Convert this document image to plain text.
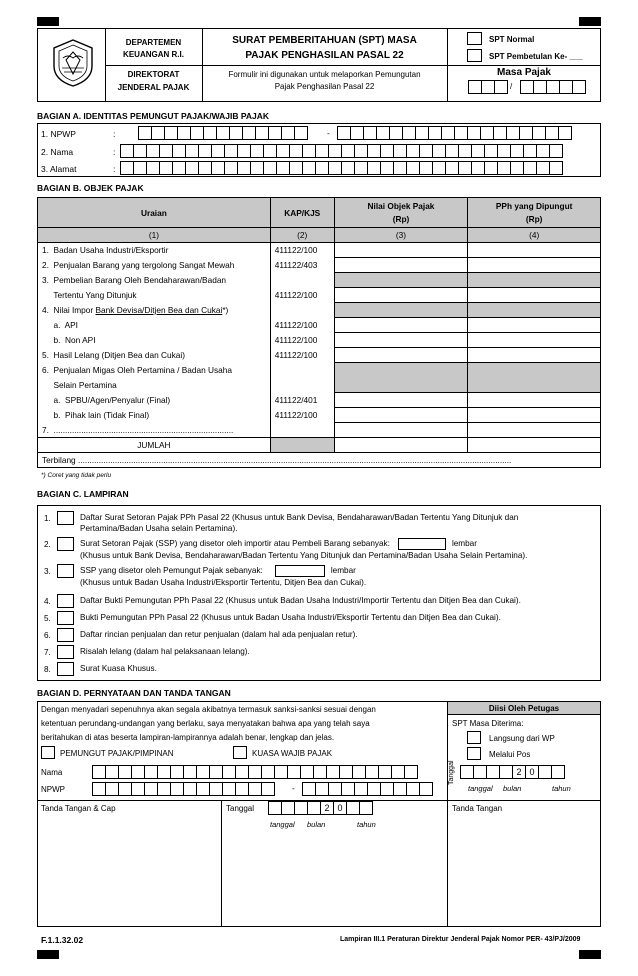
DEPARTEMEN
KEUANGAN R.I.
DIREKTORAT
JENDERAL PAJAK
SURAT PEMBERITAHUAN (SPT) MASA
PAJAK PENGHASILAN PASAL 22
Formulir ini digunakan untuk melaporkan Pemungutan
Pajak Penghasilan Pasal 22
SPT Normal
SPT Pembetulan Ke- ___
Masa Pajak
/
BAGIAN A. IDENTITAS PEMUNGUT PAJAK/WAJIB PAJAK
1. NPWP	:	-
2. Nama	:
3. Alamat	:
BAGIAN B. OBJEK PAJAK
Uraian	KAP/KJS	Nilai Objek Pajak
(Rp)	PPh yang Dipungut
(Rp)
(1)	(2)	(3)	(4)
1.  Badan Usaha Industri/Eksportir	411122/100		
2.  Penjualan Barang yang tergolong Sangat Mewah	411122/403		
3.  Pembelian Barang Oleh Bendaharawan/Badan			
Tertentu Yang Ditunjuk	411122/100		
4.  Nilai Impor Bank Devisa/Ditjen Bea dan Cukai*)			
a.  API	411122/100		
b.  Non API	411122/100		
5.  Hasil Lelang (Ditjen Bea dan Cukai)	411122/100		
6.  Penjualan Migas Oleh Pertamina / Badan Usaha			
Selain Pertamina			
a.  SPBU/Agen/Penyalur (Final)	411122/401		
b.  Pihak lain (Tidak Final)	411122/100		
7.  ..............................................................................			
JUMLAH			
Terbilang ............................................................................................................................................................................................			
*) Coret yang tidak perlu
BAGIAN C. LAMPIRAN
1.	Daftar Surat Setoran Pajak PPh Pasal 22 (Khusus untuk Bank Devisa, Bendaharawan/Badan Tertentu Yang Ditunjuk dan
Pertamina/Badan Usaha selain Pertamina).
2.	Surat Setoran Pajak (SSP) yang disetor oleh importir atau Pembeli Barang sebanyak:	lembar
(Khusus untuk Bank Devisa, Bendaharawan/Badan Tertentu Yang Ditunjuk dan Pertamina/Badan Usaha Selain Pertamina).
3.	SSP yang disetor oleh Pemungut Pajak sebanyak:	lembar
(Khusus untuk Badan Usaha Industri/Eksportir Tertentu, Ditjen Bea dan Cukai).
4.	Daftar Bukti Pemungutan PPh Pasal 22 (Khusus untuk Badan Usaha Industri/Importir Tertentu dan Ditjen Bea dan Cukai).
5.	Bukti Pemungutan PPh Pasal 22 (Khusus untuk Badan Usaha Industri/Eksportir Tertentu dan Ditjen Bea dan Cukai).
6.	Daftar rincian penjualan dan retur penjualan (dalam hal ada penjualan retur).
7.	Risalah lelang (dalam hal pelaksanaan lelang).
8.	Surat Kuasa Khusus.
BAGIAN D. PERNYATAAN DAN TANDA TANGAN
Dengan menyadari sepenuhnya akan segala akibatnya termasuk sanksi-sanksi sesuai dengan
ketentuan perundang-undangan yang berlaku, saya menyatakan bahwa apa yang telah saya
beritahukan di atas beserta lampiran-lampirannya adalah benar, lengkap dan jelas.
PEMUNGUT PAJAK/PIMPINAN	KUASA WAJIB PAJAK
Nama
NPWP	-
Tanda Tangan & Cap	Tanggal	2 0
tanggal bulan	tahun
Diisi Oleh Petugas
SPT Masa Diterima:
Langsung dari WP
Melalui Pos
Tanggal	2 0
tanggal bulan	tahun
Tanda Tangan
F.1.1.32.02	Lampiran III.1 Peraturan Direktur Jenderal Pajak Nomor PER- 43/PJ/2009
